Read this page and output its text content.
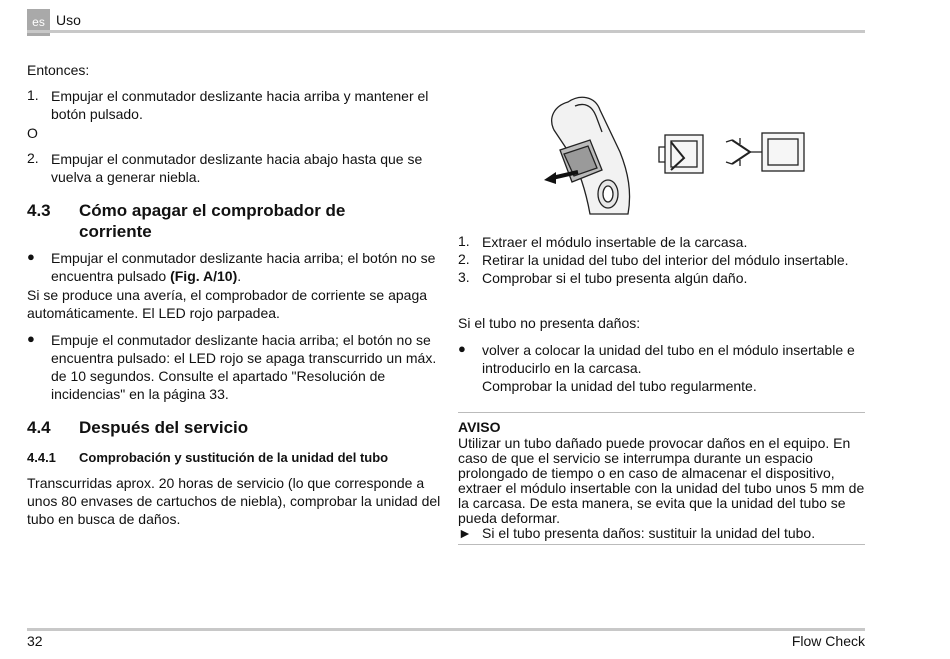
es Uso

Entonces:

1. Empujar el conmutador deslizante hacia arriba y mantener el botón pulsado.

O

2. Empujar el conmutador deslizante hacia abajo hasta que se vuelva a generar niebla.

4.3	Cómo apagar el comprobador de corriente
● Empujar el conmutador deslizante hacia arriba; el botón no se encuentra pulsado (Fig. A/10).

Si se produce una avería, el comprobador de corriente se apaga automáticamente. El LED rojo parpadea.

● Empuje el conmutador deslizante hacia arriba; el botón no se encuentra pulsado: el LED rojo se apaga transcurrido un máx. de 10 segundos. Consulte el apartado "Resolución de incidencias" en la página 33.

4.4	Después del servicio
4.4.1	Comprobación y sustitución de la unidad del tubo

Transcurridas aprox. 20 horas de servicio (lo que corresponde a unos 80 envases de cartuchos de niebla), comprobar la unidad del tubo en busca de daños.

1. Extraer el módulo insertable de la carcasa.

2. Retirar la unidad del tubo del interior del módulo insertable.

3. Comprobar si el tubo presenta algún daño.

Si el tubo no presenta daños:

● volver a colocar la unidad del tubo en el módulo insertable e introducirlo en la carcasa.

Comprobar la unidad del tubo regularmente.

AVISO
Utilizar un tubo dañado puede provocar daños en el equipo. En caso de que el servicio se interrumpa durante un espacio prolongado de tiempo o en caso de almacenar el dispositivo, extraer el módulo insertable con la unidad del tubo unos 5 mm de la carcasa. De esta manera, se evita que la unidad del tubo se pueda deformar.
► Si el tubo presenta daños: sustituir la unidad del tubo.
32	Flow Check
